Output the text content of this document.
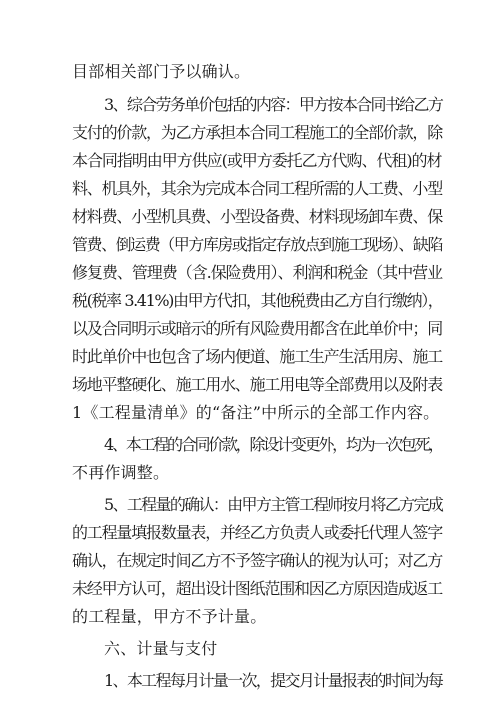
目部相关部门予以确认。
3、综合劳务单价包括的内容：甲方按本合同书给乙方
支付的价款，为乙方承担本合同工程施工的全部价款，除
本合同指明由甲方供应(或甲方委托乙方代购、代租)的材
料、机具外，其余为完成本合同工程所需的人工费、小型
材料费、小型机具费、小型设备费、材料现场卸车费、保
管费、倒运费（甲方库房或指定存放点到施工现场）、缺陷
修复费、管理费（含.保险费用）、利润和税金（其中营业
税(税率 3.41%)由甲方代扣，其他税费由乙方自行缴纳），
以及合同明示或暗示的所有风险费用都含在此单价中；同
时此单价中也包含了场内便道、施工生产生活用房、施工
场地平整硬化、施工用水、施工用电等全部费用以及附表
1《工程量清单》的“备注”中所示的全部工作内容。
4、本工程的合同价款，除设计变更外，均为一次包死，
不再作调整。
5、工程量的确认：由甲方主管工程师按月将乙方完成
的工程量填报数量表，并经乙方负责人或委托代理人签字
确认，在规定时间乙方不予签字确认的视为认可；对乙方
未经甲方认可，超出设计图纸范围和因乙方原因造成返工
的工程量，甲方不予计量。
六、计量与支付
1、本工程每月计量一次，提交月计量报表的时间为每
